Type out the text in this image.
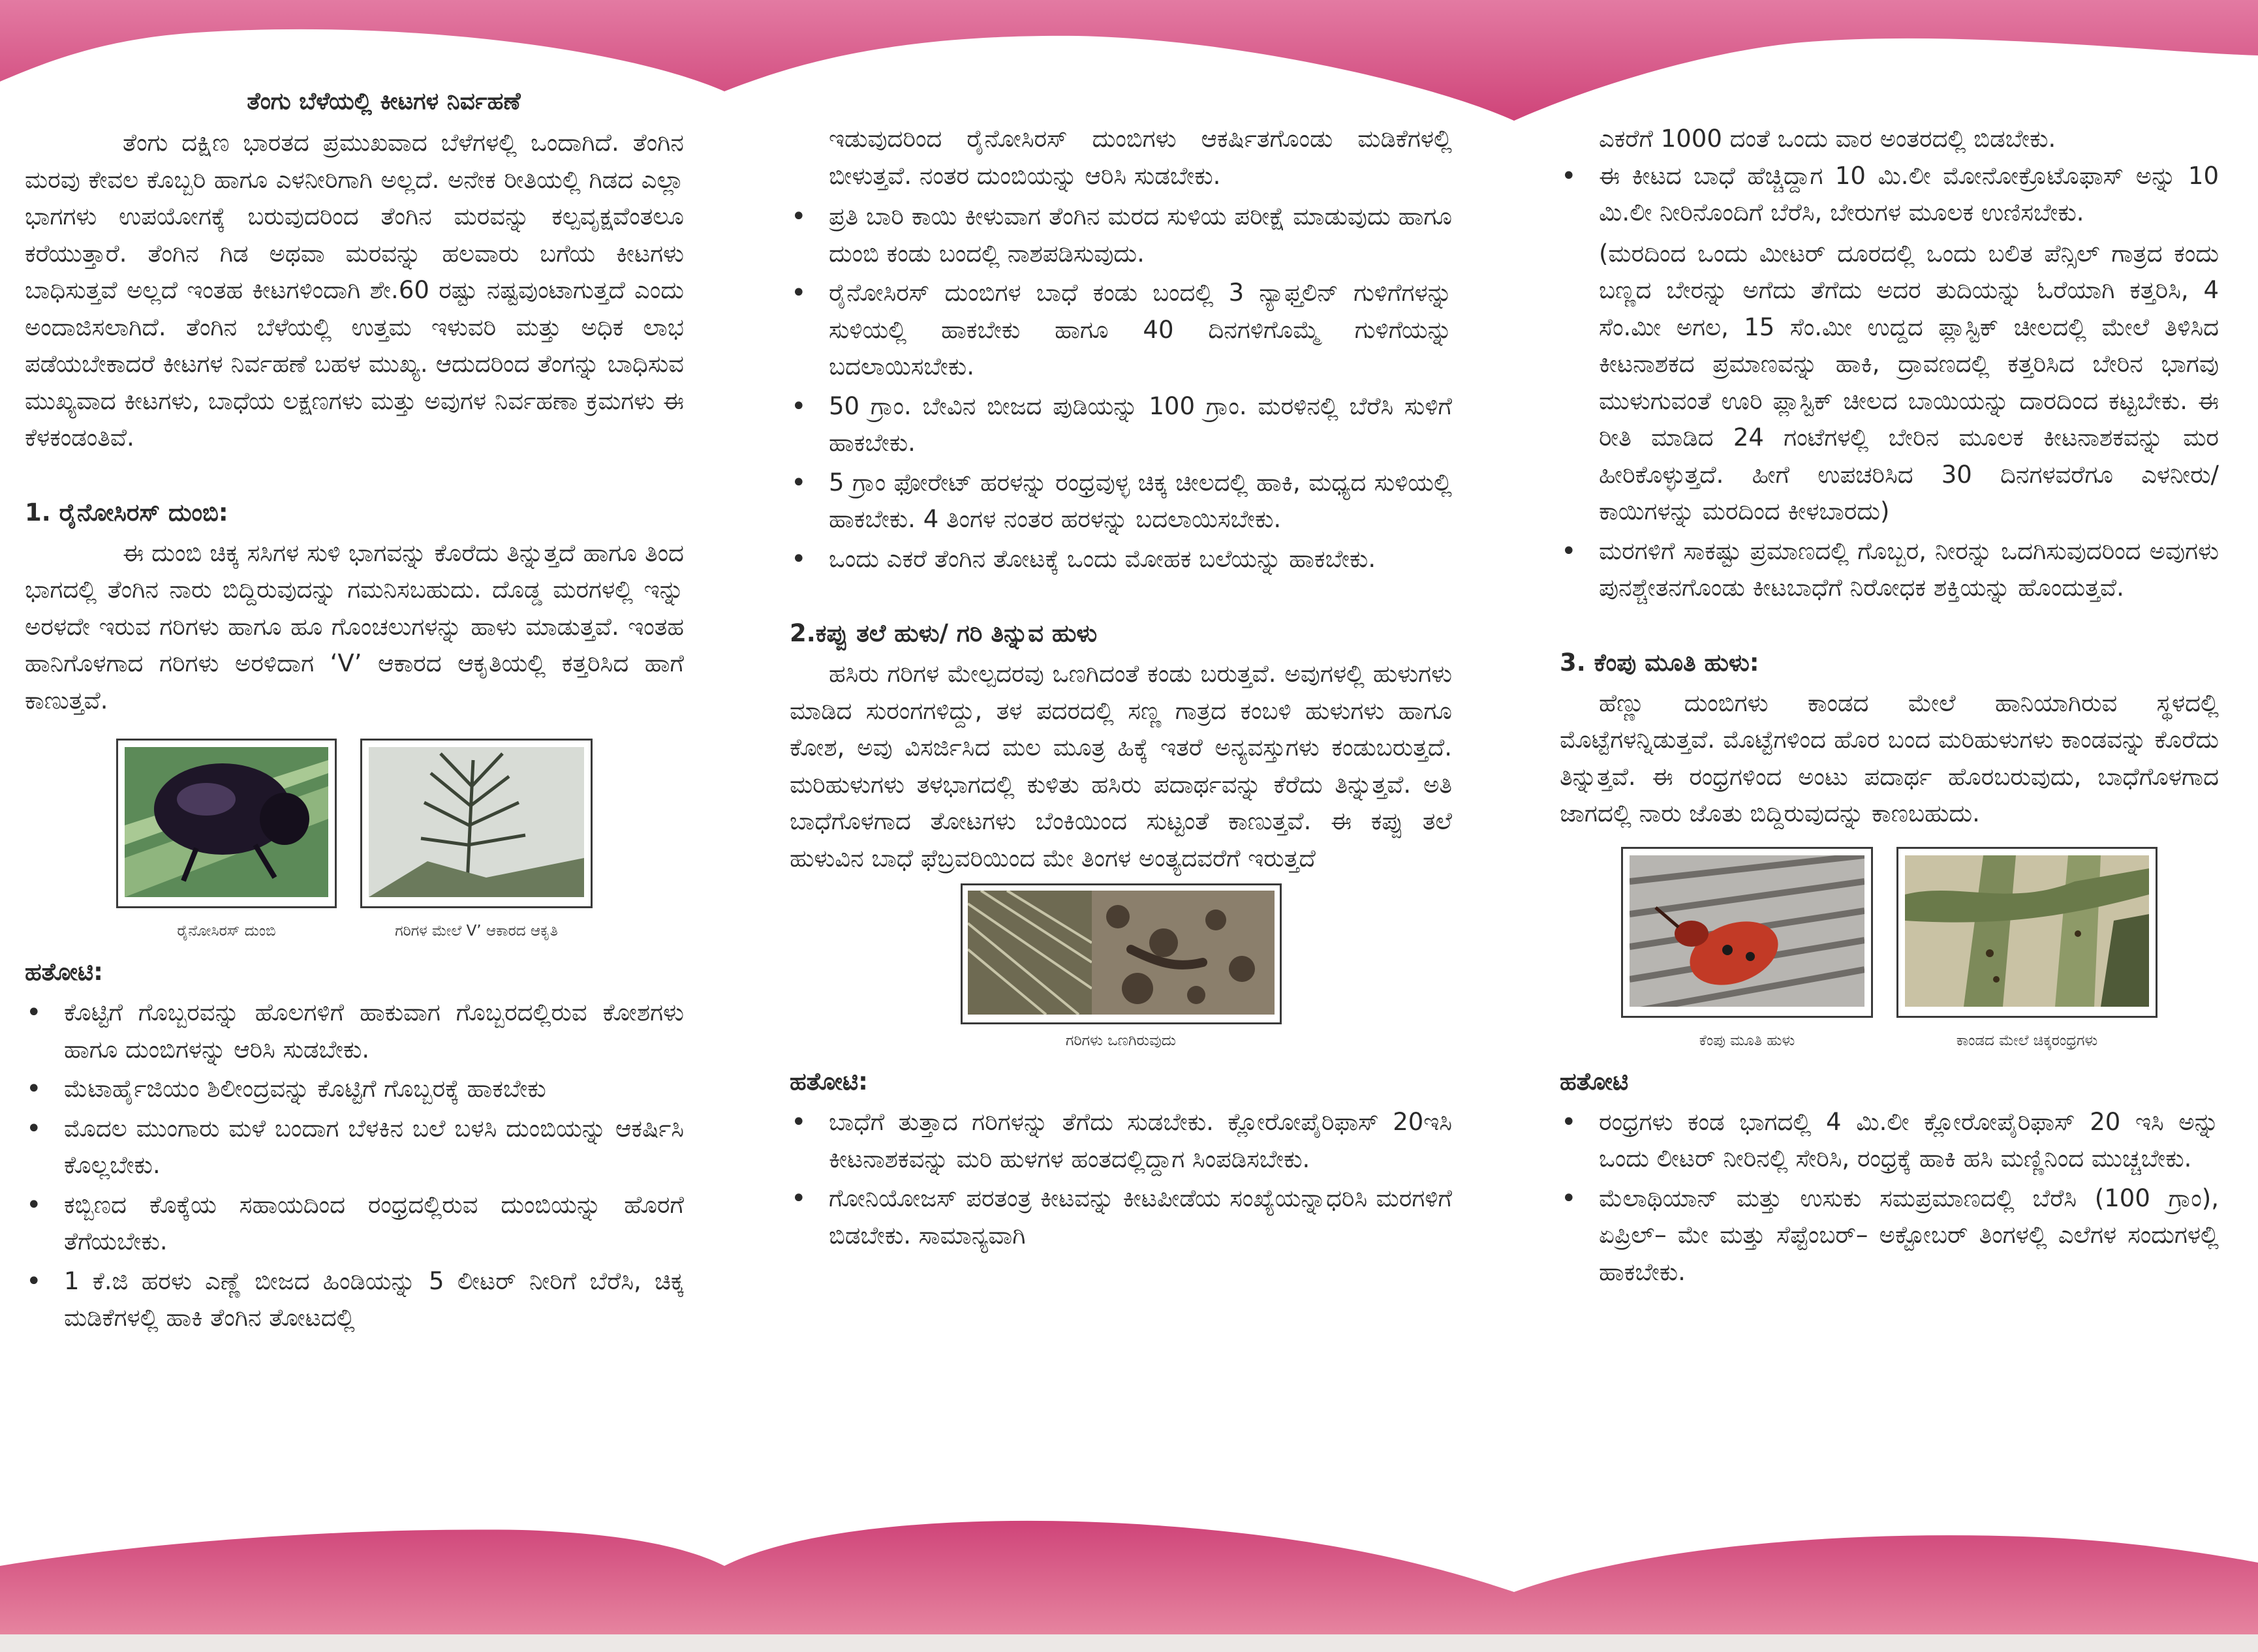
ತೆಂಗು ಬೆಳೆಯಲ್ಲಿ ಕೀಟಗಳ ನಿರ್ವಹಣೆ

ತೆಂಗು ದಕ್ಷಿಣ ಭಾರತದ ಪ್ರಮುಖವಾದ ಬೆಳೆಗಳಲ್ಲಿ ಒಂದಾಗಿದೆ. ತೆಂಗಿನ ಮರವು ಕೇವಲ ಕೊಬ್ಬರಿ ಹಾಗೂ ಎಳನೀರಿಗಾಗಿ ಅಲ್ಲದೆ. ಅನೇಕ ರೀತಿಯಲ್ಲಿ ಗಿಡದ ಎಲ್ಲಾ ಭಾಗಗಳು ಉಪಯೋಗಕ್ಕೆ ಬರುವುದರಿಂದ ತೆಂಗಿನ ಮರವನ್ನು ಕಲ್ಪವೃಕ್ಷವೆಂತಲೂ ಕರೆಯುತ್ತಾರೆ. ತೆಂಗಿನ ಗಿಡ ಅಥವಾ ಮರವನ್ನು ಹಲವಾರು ಬಗೆಯ ಕೀಟಗಳು ಬಾಧಿಸುತ್ತವೆ ಅಲ್ಲದೆ ಇಂತಹ ಕೀಟಗಳಿಂದಾಗಿ ಶೇ.60 ರಷ್ಟು ನಷ್ಟವುಂಟಾಗುತ್ತದೆ ಎಂದು ಅಂದಾಜಿಸಲಾಗಿದೆ. ತೆಂಗಿನ ಬೆಳೆಯಲ್ಲಿ ಉತ್ತಮ ಇಳುವರಿ ಮತ್ತು ಅಧಿಕ ಲಾಭ ಪಡೆಯಬೇಕಾದರೆ ಕೀಟಗಳ ನಿರ್ವಹಣೆ ಬಹಳ ಮುಖ್ಯ. ಆದುದರಿಂದ ತೆಂಗನ್ನು ಬಾಧಿಸುವ ಮುಖ್ಯವಾದ ಕೀಟಗಳು, ಬಾಧೆಯ ಲಕ್ಷಣಗಳು ಮತ್ತು ಅವುಗಳ ನಿರ್ವಹಣಾ ಕ್ರಮಗಳು ಈ ಕೆಳಕಂಡಂತಿವೆ.

1. ರೈನೋಸಿರಸ್ ದುಂಬಿ:

ಈ ದುಂಬಿ ಚಿಕ್ಕ ಸಸಿಗಳ ಸುಳಿ ಭಾಗವನ್ನು ಕೊರೆದು ತಿನ್ನುತ್ತದೆ ಹಾಗೂ ತಿಂದ ಭಾಗದಲ್ಲಿ ತೆಂಗಿನ ನಾರು ಬಿದ್ದಿರುವುದನ್ನು ಗಮನಿಸಬಹುದು. ದೊಡ್ಡ ಮರಗಳಲ್ಲಿ ಇನ್ನು ಅರಳದೇ ಇರುವ ಗರಿಗಳು ಹಾಗೂ ಹೂ ಗೊಂಚಲುಗಳನ್ನು ಹಾಳು ಮಾಡುತ್ತವೆ. ಇಂತಹ ಹಾನಿಗೊಳಗಾದ ಗರಿಗಳು ಅರಳಿದಾಗ ‘V’ ಆಕಾರದ ಆಕೃತಿಯಲ್ಲಿ ಕತ್ತರಿಸಿದ ಹಾಗೆ ಕಾಣುತ್ತವೆ.

ರೈನೋಸಿರಸ್ ದುಂಬಿ	ಗರಿಗಳ ಮೇಲೆ V’ ಆಕಾರದ ಆಕೃತಿ
ಹತೋಟಿ:
• ಕೊಟ್ಟಿಗೆ ಗೊಬ್ಬರವನ್ನು ಹೊಲಗಳಿಗೆ ಹಾಕುವಾಗ ಗೊಬ್ಬರದಲ್ಲಿರುವ ಕೋಶಗಳು ಹಾಗೂ ದುಂಬಿಗಳನ್ನು ಆರಿಸಿ ಸುಡಬೇಕು.
• ಮೆಟಾರ್ಹೈಜಿಯಂ ಶಿಲೀಂದ್ರವನ್ನು ಕೊಟ್ಟಿಗೆ ಗೊಬ್ಬರಕ್ಕೆ ಹಾಕಬೇಕು
• ಮೊದಲ ಮುಂಗಾರು ಮಳೆ ಬಂದಾಗ ಬೆಳಕಿನ ಬಲೆ ಬಳಸಿ ದುಂಬಿಯನ್ನು ಆಕರ್ಷಿಸಿ ಕೊಲ್ಲಬೇಕು.
• ಕಬ್ಬಿಣದ ಕೊಕ್ಕೆಯ ಸಹಾಯದಿಂದ ರಂಧ್ರದಲ್ಲಿರುವ ದುಂಬಿಯನ್ನು ಹೊರಗೆ ತೆಗೆಯಬೇಕು.
• 1 ಕೆ.ಜಿ ಹರಳು ಎಣ್ಣೆ ಬೀಜದ ಹಿಂಡಿಯನ್ನು 5 ಲೀಟರ್ ನೀರಿಗೆ ಬೆರೆಸಿ, ಚಿಕ್ಕ ಮಡಿಕೆಗಳಲ್ಲಿ ಹಾಕಿ ತೆಂಗಿನ ತೋಟದಲ್ಲಿ

ಇಡುವುದರಿಂದ ರೈನೋಸಿರಸ್ ದುಂಬಿಗಳು ಆಕರ್ಷಿತಗೊಂಡು ಮಡಿಕೆಗಳಲ್ಲಿ ಬೀಳುತ್ತವೆ. ನಂತರ ದುಂಬಿಯನ್ನು ಆರಿಸಿ ಸುಡಬೇಕು.

• ಪ್ರತಿ ಬಾರಿ ಕಾಯಿ ಕೀಳುವಾಗ ತೆಂಗಿನ ಮರದ ಸುಳಿಯ ಪರೀಕ್ಷೆ ಮಾಡುವುದು ಹಾಗೂ ದುಂಬಿ ಕಂಡು ಬಂದಲ್ಲಿ ನಾಶಪಡಿಸುವುದು.
• ರೈನೋಸಿರಸ್ ದುಂಬಿಗಳ ಬಾಧೆ ಕಂಡು ಬಂದಲ್ಲಿ 3 ನ್ಯಾಫ್ತಲಿನ್ ಗುಳಿಗೆಗಳನ್ನು ಸುಳಿಯಲ್ಲಿ ಹಾಕಬೇಕು ಹಾಗೂ 40 ದಿನಗಳಿಗೊಮ್ಮೆ ಗುಳಿಗೆಯನ್ನು ಬದಲಾಯಿಸಬೇಕು.
• 50 ಗ್ರಾಂ. ಬೇವಿನ ಬೀಜದ ಪುಡಿಯನ್ನು 100 ಗ್ರಾಂ. ಮರಳಿನಲ್ಲಿ ಬೆರೆಸಿ ಸುಳಿಗೆ ಹಾಕಬೇಕು.
• 5 ಗ್ರಾಂ ಫೋರೇಟ್ ಹರಳನ್ನು ರಂಧ್ರವುಳ್ಳ ಚಿಕ್ಕ ಚೀಲದಲ್ಲಿ ಹಾಕಿ, ಮಧ್ಯದ ಸುಳಿಯಲ್ಲಿ ಹಾಕಬೇಕು. 4 ತಿಂಗಳ ನಂತರ ಹರಳನ್ನು ಬದಲಾಯಿಸಬೇಕು.
• ಒಂದು ಎಕರೆ ತೆಂಗಿನ ತೋಟಕ್ಕೆ ಒಂದು ಮೋಹಕ ಬಲೆಯನ್ನು ಹಾಕಬೇಕು.
2.ಕಪ್ಪು ತಲೆ ಹುಳು/ ಗರಿ ತಿನ್ನುವ ಹುಳು

ಹಸಿರು ಗರಿಗಳ ಮೇಲ್ಪದರವು ಒಣಗಿದಂತೆ ಕಂಡು ಬರುತ್ತವೆ. ಅವುಗಳಲ್ಲಿ ಹುಳುಗಳು ಮಾಡಿದ ಸುರಂಗಗಳಿದ್ದು, ತಳ ಪದರದಲ್ಲಿ ಸಣ್ಣ ಗಾತ್ರದ ಕಂಬಳಿ ಹುಳುಗಳು ಹಾಗೂ ಕೋಶ, ಅವು ವಿಸರ್ಜಿಸಿದ ಮಲ ಮೂತ್ರ ಹಿಕ್ಕೆ ಇತರೆ ಅನ್ಯವಸ್ತುಗಳು ಕಂಡುಬರುತ್ತದೆ. ಮರಿಹುಳುಗಳು ತಳಭಾಗದಲ್ಲಿ ಕುಳಿತು ಹಸಿರು ಪದಾರ್ಥವನ್ನು ಕೆರೆದು ತಿನ್ನುತ್ತವೆ. ಅತಿ ಬಾಧೆಗೊಳಗಾದ ತೋಟಗಳು ಬೆಂಕಿಯಿಂದ ಸುಟ್ಟಂತೆ ಕಾಣುತ್ತವೆ. ಈ ಕಪ್ಪು ತಲೆ ಹುಳುವಿನ ಬಾಧೆ ಫೆಬ್ರವರಿಯಿಂದ ಮೇ ತಿಂಗಳ ಅಂತ್ಯದವರೆಗೆ ಇರುತ್ತದೆ

ಗರಿಗಳು ಒಣಗಿರುವುದು
ಹತೋಟಿ:
• ಬಾಧೆಗೆ ತುತ್ತಾದ ಗರಿಗಳನ್ನು ತೆಗೆದು ಸುಡಬೇಕು. ಕ್ಲೋರೋಪೈರಿಫಾಸ್ 20ಇಸಿ ಕೀಟನಾಶಕವನ್ನು ಮರಿ ಹುಳಗಳ ಹಂತದಲ್ಲಿದ್ದಾಗ ಸಿಂಪಡಿಸಬೇಕು.
• ಗೋನಿಯೋಜಸ್ ಪರತಂತ್ರ ಕೀಟವನ್ನು ಕೀಟಪೀಡೆಯ ಸಂಖ್ಯೆಯನ್ನಾಧರಿಸಿ ಮರಗಳಿಗೆ ಬಿಡಬೇಕು. ಸಾಮಾನ್ಯವಾಗಿ

ಎಕರೆಗೆ 1000 ದಂತೆ ಒಂದು ವಾರ ಅಂತರದಲ್ಲಿ ಬಿಡಬೇಕು.

• ಈ ಕೀಟದ ಬಾಧೆ ಹೆಚ್ಚಿದ್ದಾಗ 10 ಮಿ.ಲೀ ಮೋನೋಕ್ರೊಟೊಫಾಸ್ ಅನ್ನು 10 ಮಿ.ಲೀ ನೀರಿನೊಂದಿಗೆ ಬೆರೆಸಿ, ಬೇರುಗಳ ಮೂಲಕ ಉಣಿಸಬೇಕು.

(ಮರದಿಂದ ಒಂದು ಮೀಟರ್ ದೂರದಲ್ಲಿ ಒಂದು ಬಲಿತ ಪೆನ್ಸಿಲ್ ಗಾತ್ರದ ಕಂದು ಬಣ್ಣದ ಬೇರನ್ನು ಅಗೆದು ತೆಗೆದು ಅದರ ತುದಿಯನ್ನು ಓರೆಯಾಗಿ ಕತ್ತರಿಸಿ, 4 ಸೆಂ.ಮೀ ಅಗಲ, 15 ಸೆಂ.ಮೀ ಉದ್ದದ ಪ್ಲಾಸ್ಟಿಕ್ ಚೀಲದಲ್ಲಿ ಮೇಲೆ ತಿಳಿಸಿದ ಕೀಟನಾಶಕದ ಪ್ರಮಾಣವನ್ನು ಹಾಕಿ, ದ್ರಾವಣದಲ್ಲಿ ಕತ್ತರಿಸಿದ ಬೇರಿನ ಭಾಗವು ಮುಳುಗುವಂತೆ ಊರಿ ಪ್ಲಾಸ್ಟಿಕ್ ಚೀಲದ ಬಾಯಿಯನ್ನು ದಾರದಿಂದ ಕಟ್ಟಬೇಕು. ಈ ರೀತಿ ಮಾಡಿದ 24 ಗಂಟೆಗಳಲ್ಲಿ ಬೇರಿನ ಮೂಲಕ ಕೀಟನಾಶಕವನ್ನು ಮರ ಹೀರಿಕೊಳ್ಳುತ್ತದೆ. ಹೀಗೆ ಉಪಚರಿಸಿದ 30 ದಿನಗಳವರೆಗೂ ಎಳನೀರು/ ಕಾಯಿಗಳನ್ನು ಮರದಿಂದ ಕೀಳಬಾರದು)

• ಮರಗಳಿಗೆ ಸಾಕಷ್ಟು ಪ್ರಮಾಣದಲ್ಲಿ ಗೊಬ್ಬರ, ನೀರನ್ನು ಒದಗಿಸುವುದರಿಂದ ಅವುಗಳು ಪುನಶ್ಚೇತನಗೊಂಡು ಕೀಟಬಾಧೆಗೆ ನಿರೋಧಕ ಶಕ್ತಿಯನ್ನು ಹೊಂದುತ್ತವೆ.
3. ಕೆಂಪು ಮೂತಿ ಹುಳು:

ಹೆಣ್ಣು ದುಂಬಿಗಳು ಕಾಂಡದ ಮೇಲೆ ಹಾನಿಯಾಗಿರುವ ಸ್ಥಳದಲ್ಲಿ ಮೊಟ್ಟೆಗಳನ್ನಿಡುತ್ತವೆ. ಮೊಟ್ಟೆಗಳಿಂದ ಹೊರ ಬಂದ ಮರಿಹುಳುಗಳು ಕಾಂಡವನ್ನು ಕೊರೆದು ತಿನ್ನುತ್ತವೆ. ಈ ರಂಧ್ರಗಳಿಂದ ಅಂಟು ಪದಾರ್ಥ ಹೊರಬರುವುದು, ಬಾಧೆಗೊಳಗಾದ ಜಾಗದಲ್ಲಿ ನಾರು ಜೊತು ಬಿದ್ದಿರುವುದನ್ನು ಕಾಣಬಹುದು.

ಕೆಂಪು ಮೂತಿ ಹುಳು	ಕಾಂಡದ ಮೇಲೆ ಚಿಕ್ಕರಂಧ್ರಗಳು
ಹತೋಟಿ
• ರಂಧ್ರಗಳು ಕಂಡ ಭಾಗದಲ್ಲಿ 4 ಮಿ.ಲೀ ಕ್ಲೋರೋಪೈರಿಫಾಸ್ 20 ಇಸಿ ಅನ್ನು ಒಂದು ಲೀಟರ್ ನೀರಿನಲ್ಲಿ ಸೇರಿಸಿ, ರಂಧ್ರಕ್ಕೆ ಹಾಕಿ ಹಸಿ ಮಣ್ಣಿನಿಂದ ಮುಚ್ಚಬೇಕು.
• ಮೆಲಾಥಿಯಾನ್ ಮತ್ತು ಉಸುಕು ಸಮಪ್ರಮಾಣದಲ್ಲಿ ಬೆರೆಸಿ (100 ಗ್ರಾಂ), ಏಪ್ರಿಲ್– ಮೇ ಮತ್ತು ಸೆಪ್ಟೆಂಬರ್– ಅಕ್ಟೋಬರ್ ತಿಂಗಳಲ್ಲಿ ಎಲೆಗಳ ಸಂದುಗಳಲ್ಲಿ ಹಾಕಬೇಕು.
